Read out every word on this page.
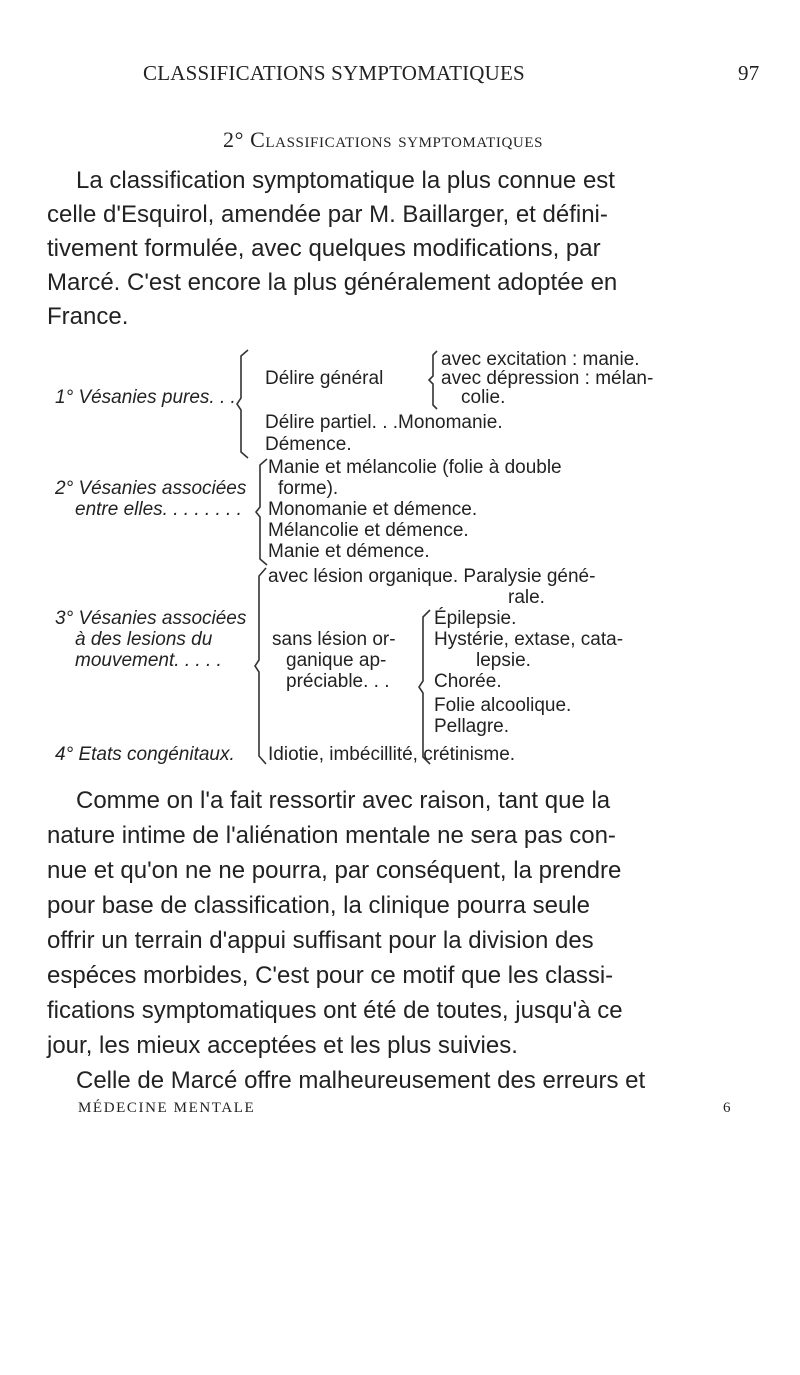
CLASSIFICATIONS SYMPTOMATIQUES	97
2° Classifications symptomatiques
La classification symptomatique la plus connue est
celle d'Esquirol, amendée par M. Baillarger, et défini-
tivement formulée, avec quelques modifications, par
Marcé. C'est encore la plus généralement adoptée en
France.
1° Vésanies pures. . .
Délire général
avec excitation : manie.
avec dépression : mélan-
colie.
Délire partiel. . .Monomanie.
Démence.
2° Vésanies associées
entre elles. . . . . . . .
Manie et mélancolie (folie à double
forme).
Monomanie et démence.
Mélancolie et démence.
Manie et démence.
3° Vésanies associées
à des lesions du
mouvement. . . . .
avec lésion organique. Paralysie géné-
rale.
sans lésion or-
ganique ap-
préciable. . .
Épilepsie.
Hystérie, extase, cata-
lepsie.
Chorée.
Folie alcoolique.
Pellagre.
4° Etats congénitaux. Idiotie, imbécillité, crétinisme.
Comme on l'a fait ressortir avec raison, tant que la
nature intime de l'aliénation mentale ne sera pas con-
nue et qu'on ne ne pourra, par conséquent, la prendre
pour base de classification, la clinique pourra seule
offrir un terrain d'appui suffisant pour la division des
espéces morbides, C'est pour ce motif que les classi-
fications symptomatiques ont été de toutes, jusqu'à ce
jour, les mieux acceptées et les plus suivies.
Celle de Marcé offre malheureusement des erreurs et
MÉDECINE MENTALE	6
